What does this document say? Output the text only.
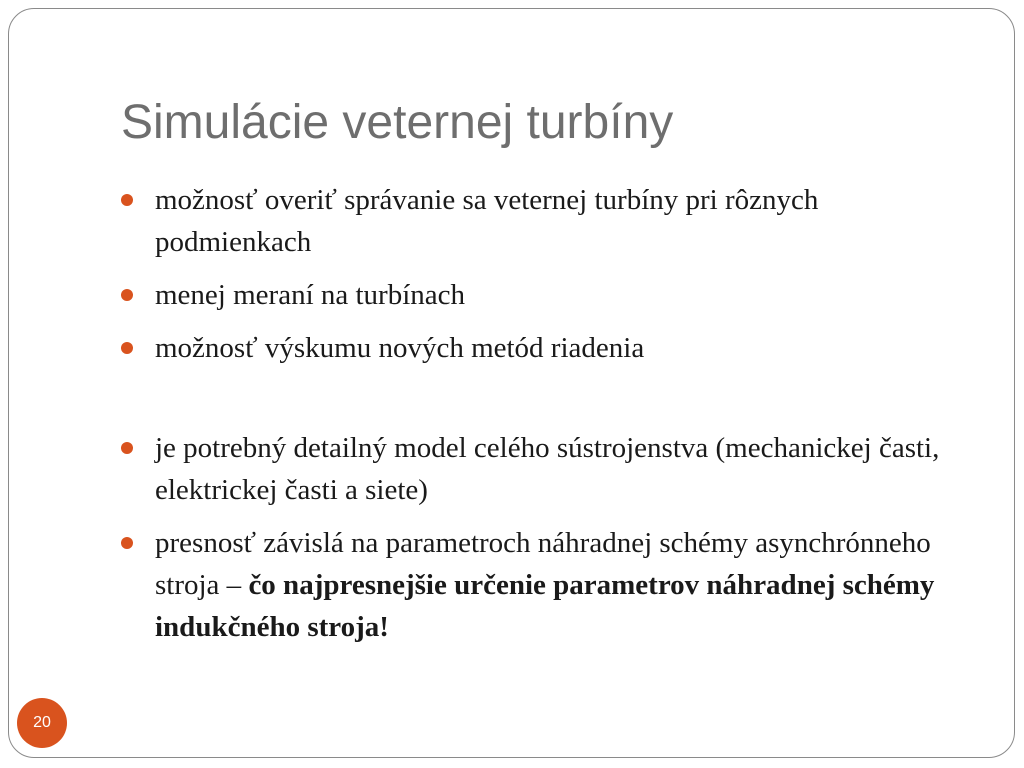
Simulácie veternej turbíny
možnosť overiť správanie sa veternej turbíny pri rôznych podmienkach
menej meraní na turbínach
možnosť výskumu nových metód riadenia
je potrebný detailný model celého sústrojenstva (mechanickej časti, elektrickej časti a siete)
presnosť závislá na parametroch náhradnej schémy asynchrónneho stroja – čo najpresnejšie určenie parametrov náhradnej schémy indukčného stroja!
20
